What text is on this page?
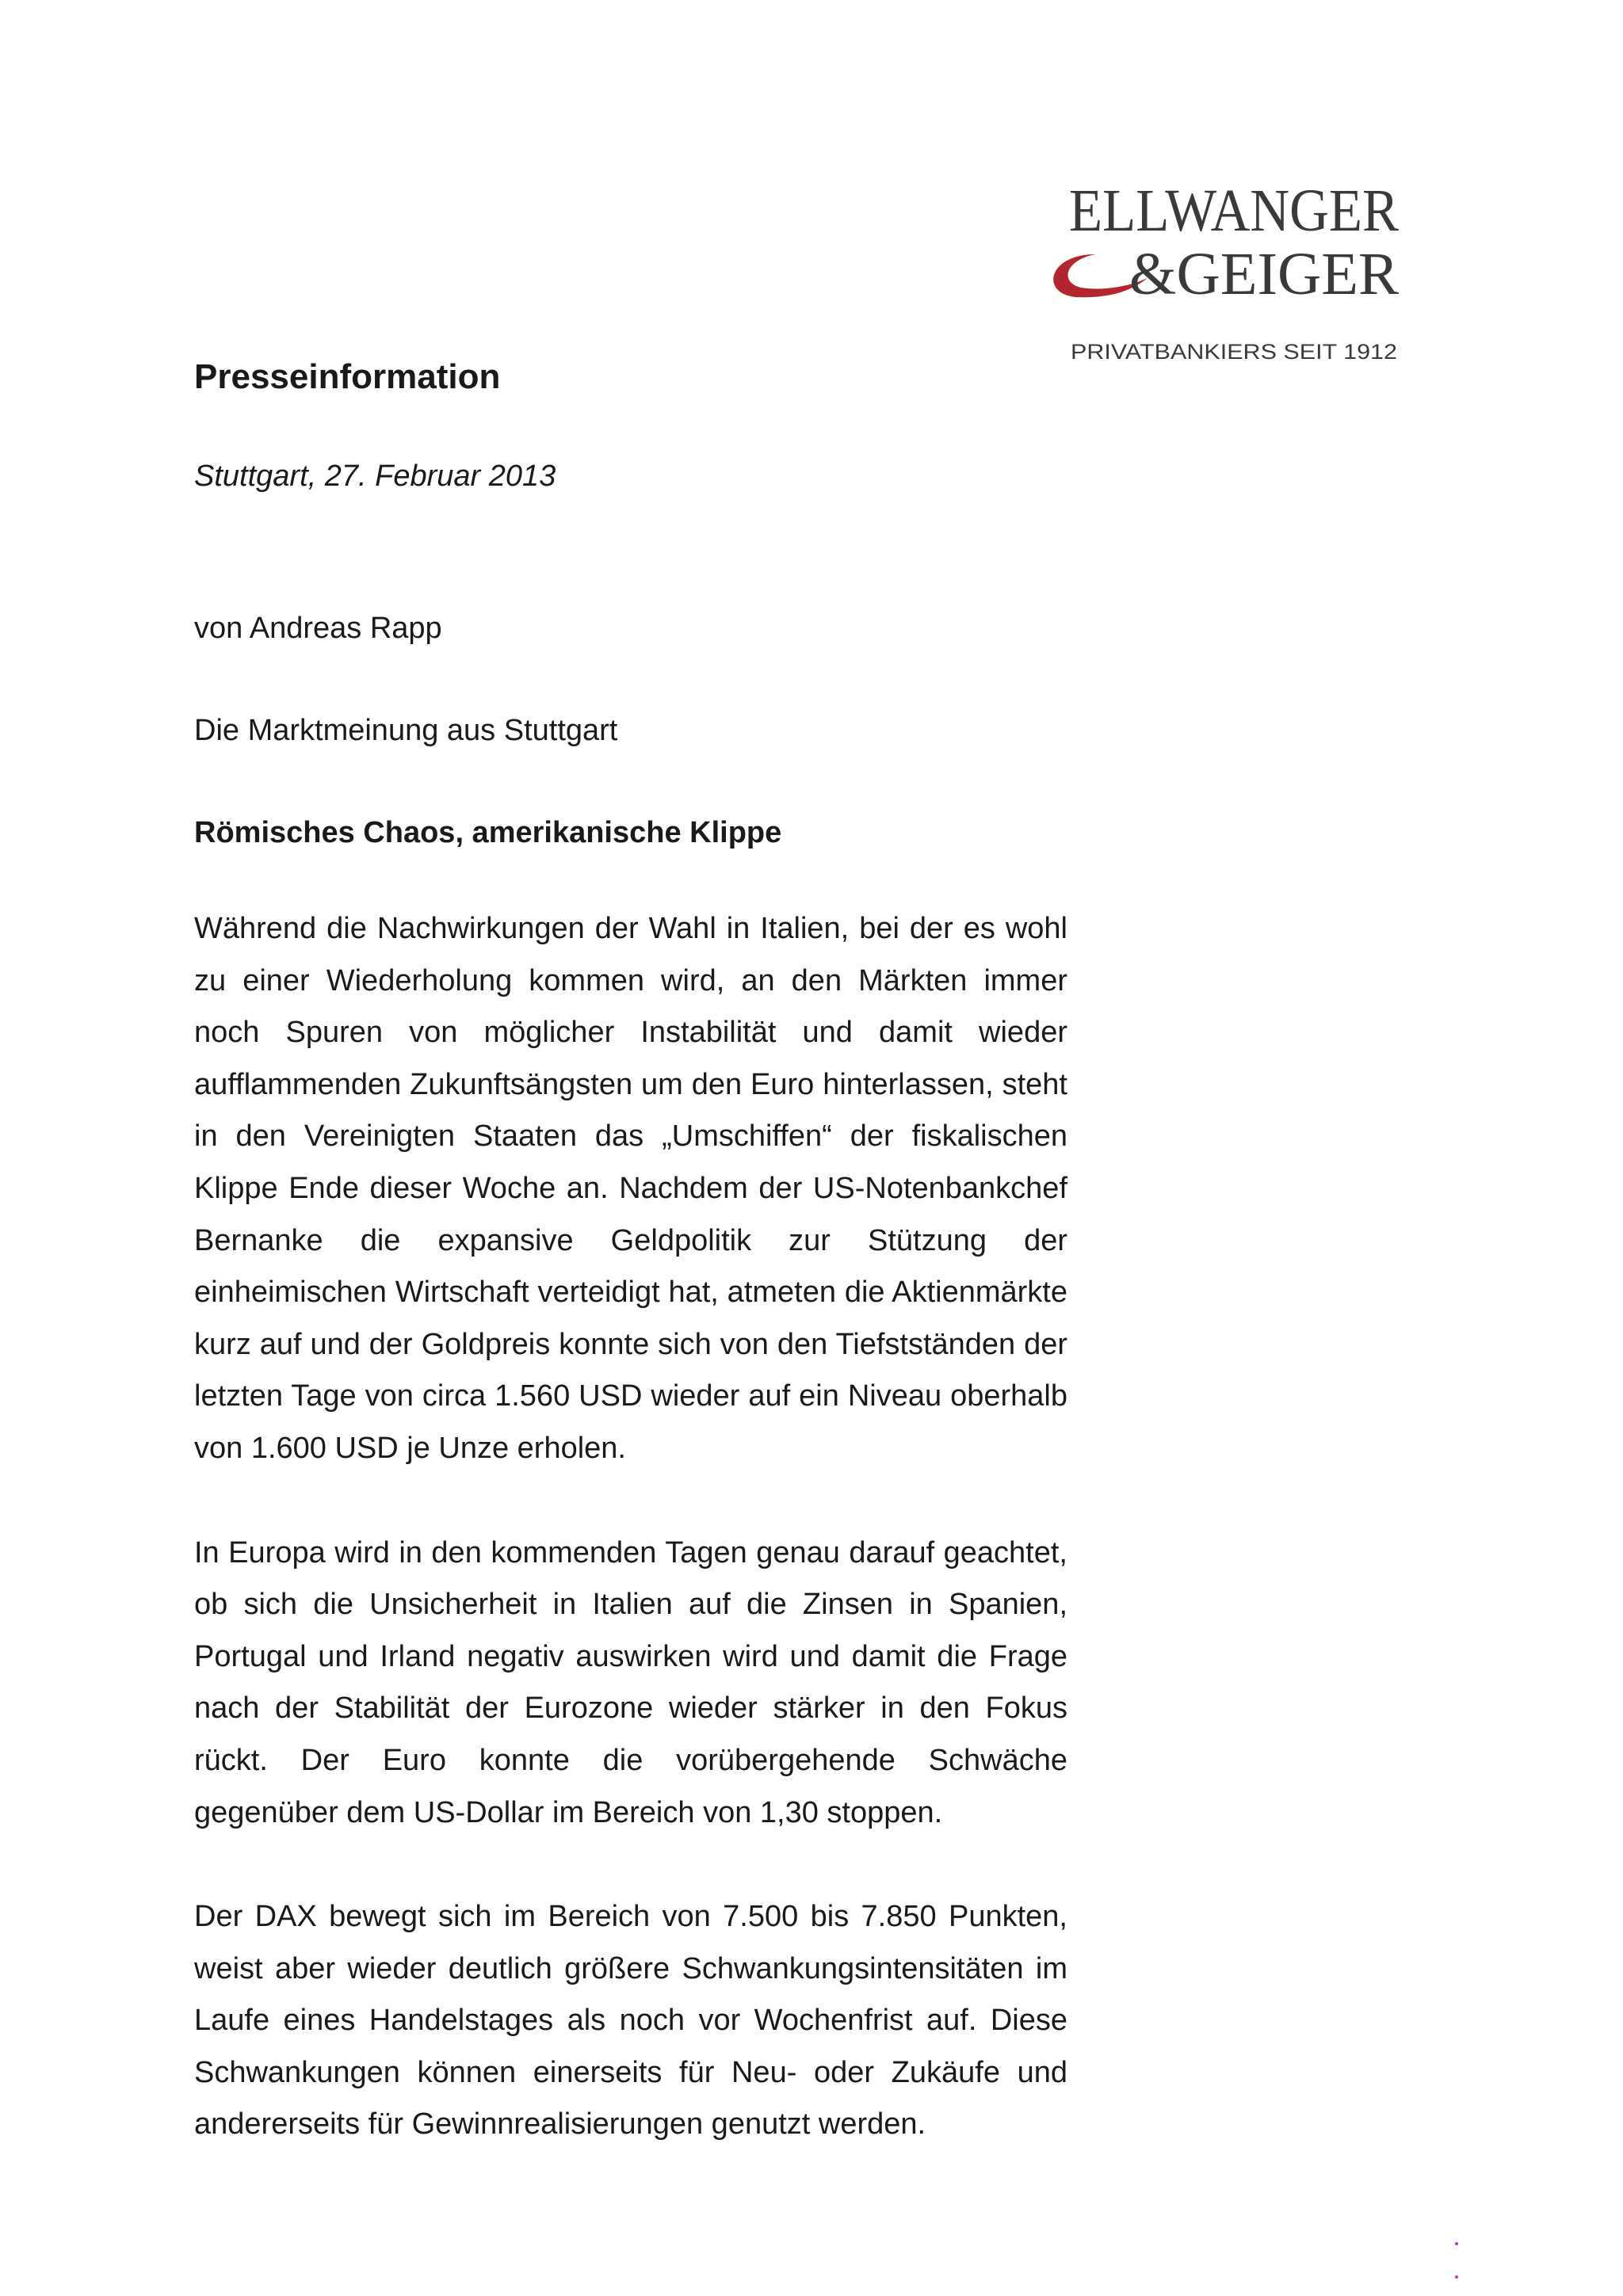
ELLWANGER
&GEIGER
PRIVATBANKIERS SEIT 1912
Presseinformation
Stuttgart, 27. Februar 2013
von Andreas Rapp
Die Marktmeinung aus Stuttgart
Römisches Chaos, amerikanische Klippe

Während die Nachwirkungen der Wahl in Italien, bei der es wohl zu einer Wiederholung kommen wird, an den Märkten immer noch Spuren von möglicher Instabilität und damit wieder aufflammenden Zukunftsängsten um den Euro hinterlassen, steht in den Vereinigten Staaten das „Umschiffen“ der fiskalischen Klippe Ende dieser Woche an. Nachdem der US-Notenbankchef Bernanke die expansive Geldpolitik zur Stützung der einheimischen Wirtschaft verteidigt hat, atmeten die Aktienmärkte kurz auf und der Goldpreis konnte sich von den Tiefstständen der letzten Tage von circa 1.560 USD wieder auf ein Niveau oberhalb von 1.600 USD je Unze erholen.

In Europa wird in den kommenden Tagen genau darauf geachtet, ob sich die Unsicherheit in Italien auf die Zinsen in Spanien, Portugal und Irland negativ auswirken wird und damit die Frage nach der Stabilität der Eurozone wieder stärker in den Fokus rückt. Der Euro konnte die vorübergehende Schwäche gegenüber dem US-Dollar im Bereich von 1,30 stoppen.

Der DAX bewegt sich im Bereich von 7.500 bis 7.850 Punkten, weist aber wieder deutlich größere Schwankungsintensitäten im Laufe eines Handelstages als noch vor Wochenfrist auf. Diese Schwankungen können einerseits für Neu- oder Zukäufe und andererseits für Gewinnrealisierungen genutzt werden.
